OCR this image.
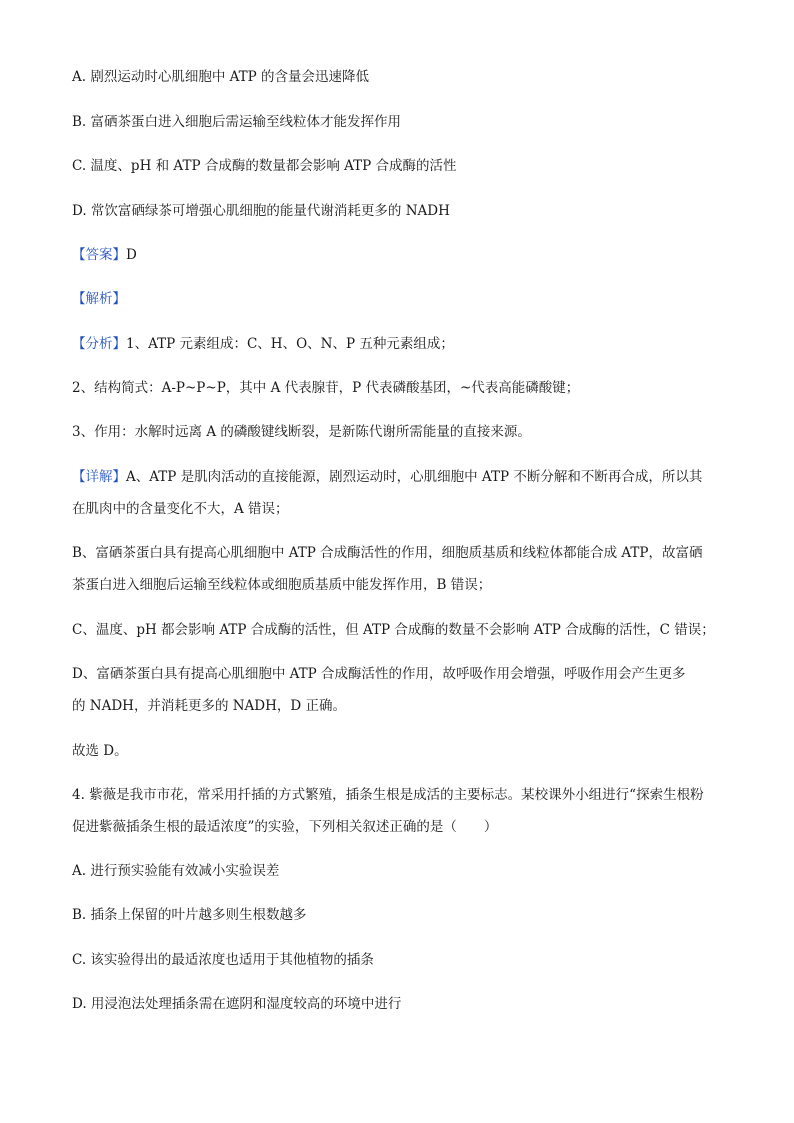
A. 剧烈运动时心肌细胞中 ATP 的含量会迅速降低
B. 富硒茶蛋白进入细胞后需运输至线粒体才能发挥作用
C. 温度、pH 和 ATP 合成酶的数量都会影响 ATP 合成酶的活性
D. 常饮富硒绿茶可增强心肌细胞的能量代谢消耗更多的 NADH
【答案】D
【解析】
【分析】1、ATP 元素组成：C、H、O、N、P 五种元素组成；
2、结构简式：A-P~P~P，其中 A 代表腺苷，P 代表磷酸基团，~代表高能磷酸键；
3、作用：水解时远离 A 的磷酸键线断裂，是新陈代谢所需能量的直接来源。
【详解】A、ATP 是肌肉活动的直接能源，剧烈运动时，心肌细胞中 ATP 不断分解和不断再合成，所以其
在肌肉中的含量变化不大，A 错误；
B、富硒茶蛋白具有提高心肌细胞中 ATP 合成酶活性的作用，细胞质基质和线粒体都能合成 ATP，故富硒
茶蛋白进入细胞后运输至线粒体或细胞质基质中能发挥作用，B 错误；
C、温度、pH 都会影响 ATP 合成酶的活性，但 ATP 合成酶的数量不会影响 ATP 合成酶的活性，C 错误；
D、富硒茶蛋白具有提高心肌细胞中 ATP 合成酶活性的作用，故呼吸作用会增强，呼吸作用会产生更多
的 NADH，并消耗更多的 NADH，D 正确。
故选 D。
4. 紫薇是我市市花，常采用扦插的方式繁殖，插条生根是成活的主要标志。某校课外小组进行“探索生根粉
促进紫薇插条生根的最适浓度”的实验，下列相关叙述正确的是（　　）
A. 进行预实验能有效减小实验误差
B. 插条上保留的叶片越多则生根数越多
C. 该实验得出的最适浓度也适用于其他植物的插条
D. 用浸泡法处理插条需在遮阴和湿度较高的环境中进行
